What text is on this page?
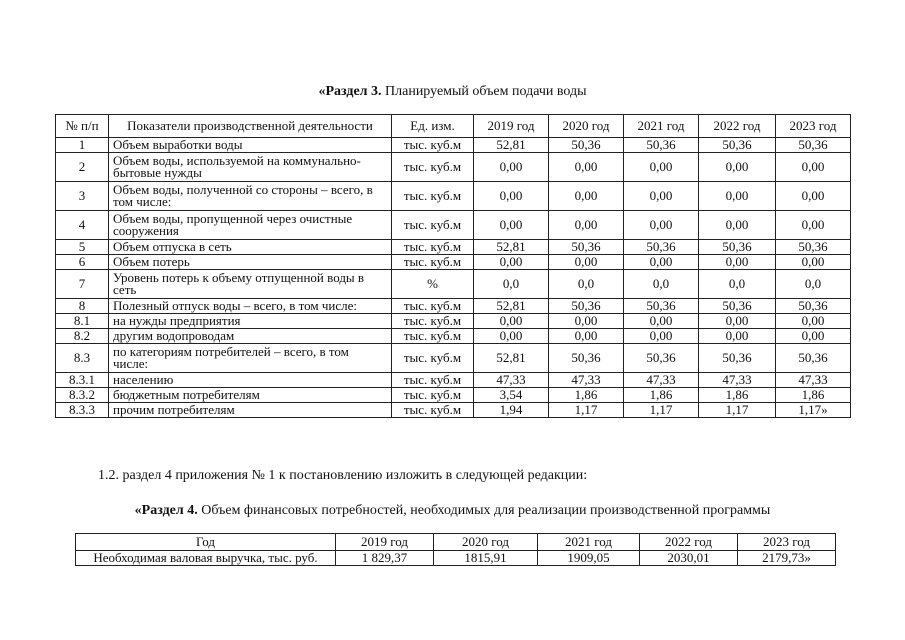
«Раздел 3. Планируемый объем подачи воды
№ п/п	Показатели производственной деятельности	Ед. изм.	2019 год	2020 год	2021 год	2022 год	2023 год
1	Объем выработки воды	тыс. куб.м	52,81	50,36	50,36	50,36	50,36
2	Объем воды, используемой на коммунально-бытовые нужды	тыс. куб.м	0,00	0,00	0,00	0,00	0,00
3	Объем воды, полученной со стороны – всего, в том числе:	тыс. куб.м	0,00	0,00	0,00	0,00	0,00
4	Объем воды, пропущенной через очистные сооружения	тыс. куб.м	0,00	0,00	0,00	0,00	0,00
5	Объем отпуска в сеть	тыс. куб.м	52,81	50,36	50,36	50,36	50,36
6	Объем потерь	тыс. куб.м	0,00	0,00	0,00	0,00	0,00
7	Уровень потерь к объему отпущенной воды в сеть	%	0,0	0,0	0,0	0,0	0,0
8	Полезный отпуск воды – всего, в том числе:	тыс. куб.м	52,81	50,36	50,36	50,36	50,36
8.1	на нужды предприятия	тыс. куб.м	0,00	0,00	0,00	0,00	0,00
8.2	другим водопроводам	тыс. куб.м	0,00	0,00	0,00	0,00	0,00
8.3	по категориям потребителей – всего, в том числе:	тыс. куб.м	52,81	50,36	50,36	50,36	50,36
8.3.1	населению	тыс. куб.м	47,33	47,33	47,33	47,33	47,33
8.3.2	бюджетным потребителям	тыс. куб.м	3,54	1,86	1,86	1,86	1,86
8.3.3	прочим потребителям	тыс. куб.м	1,94	1,17	1,17	1,17	1,17»
1.2. раздел 4 приложения № 1 к постановлению изложить в следующей редакции:
«Раздел 4. Объем финансовых потребностей, необходимых для реализации производственной программы
Год	2019 год	2020 год	2021 год	2022 год	2023 год
Необходимая валовая выручка, тыс. руб.	1 829,37	1815,91	1909,05	2030,01	2179,73»
